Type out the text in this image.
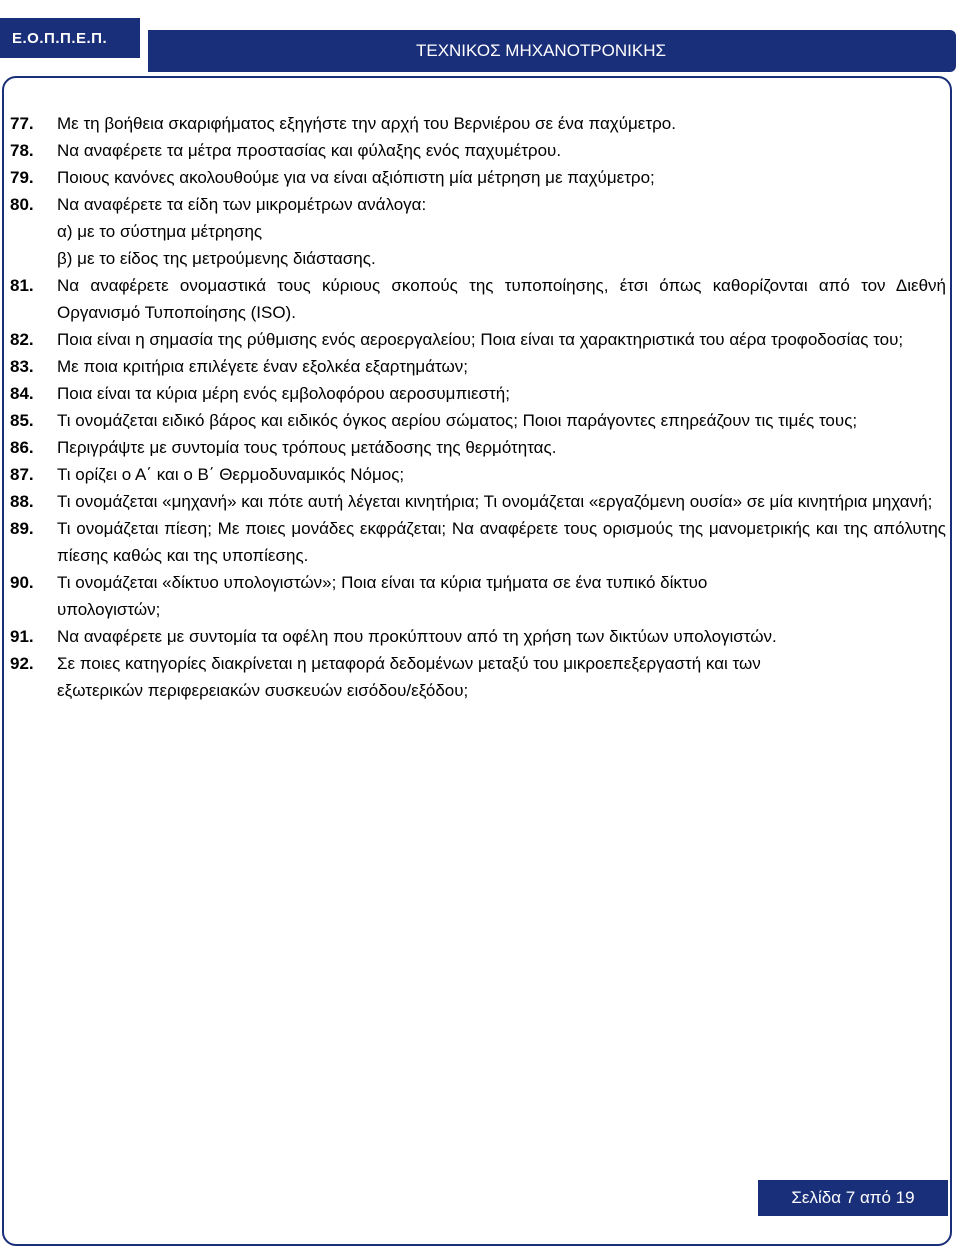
Ε.Ο.Π.Π.Ε.Π.
ΤΕΧΝΙΚΟΣ ΜΗΧΑΝΟΤΡΟΝΙΚΗΣ
77.	Με τη βοήθεια σκαριφήματος εξηγήστε την αρχή του Βερνιέρου σε ένα παχύμετρο.
78.	Να αναφέρετε τα μέτρα προστασίας και φύλαξης ενός παχυμέτρου.
79.	Ποιους κανόνες ακολουθούμε για να είναι αξιόπιστη μία μέτρηση με παχύμετρο;
80.	Να αναφέρετε τα είδη των μικρομέτρων ανάλογα:
α) με το σύστημα μέτρησης
β) με το είδος της μετρούμενης διάστασης.
81.	Να αναφέρετε ονομαστικά τους κύριους σκοπούς της τυποποίησης, έτσι όπως καθορίζονται από τον Διεθνή Οργανισμό Τυποποίησης (ISO).
82.	Ποια είναι η σημασία της ρύθμισης ενός αεροεργαλείου; Ποια είναι τα χαρακτηριστικά του αέρα τροφοδοσίας του;
83.	Με ποια κριτήρια επιλέγετε έναν εξολκέα εξαρτημάτων;
84.	Ποια είναι τα κύρια μέρη ενός εμβολοφόρου αεροσυμπιεστή;
85.	Τι ονομάζεται ειδικό βάρος και ειδικός όγκος αερίου σώματος; Ποιοι παράγοντες επηρεάζουν τις τιμές τους;
86.	Περιγράψτε με συντομία τους τρόπους μετάδοσης της θερμότητας.
87.	Τι ορίζει ο Α΄ και ο Β΄ Θερμοδυναμικός Νόμος;
88.	Τι ονομάζεται «μηχανή» και πότε αυτή λέγεται κινητήρια; Τι ονομάζεται «εργαζόμενη ουσία» σε μία κινητήρια μηχανή;
89.	Τι ονομάζεται πίεση; Με ποιες μονάδες εκφράζεται; Να αναφέρετε τους ορισμούς της μανομετρικής και της απόλυτης πίεσης καθώς και της υποπίεσης.
90.	Τι ονομάζεται «δίκτυο υπολογιστών»; Ποια είναι τα κύρια τμήματα σε ένα τυπικό δίκτυο
υπολογιστών;
91.	Να αναφέρετε με συντομία τα οφέλη που προκύπτουν από τη χρήση των δικτύων υπολογιστών.
92.	Σε ποιες κατηγορίες διακρίνεται η μεταφορά δεδομένων μεταξύ του μικροεπεξεργαστή και των
εξωτερικών περιφερειακών συσκευών εισόδου/εξόδου;
Σελίδα 7 από 19
